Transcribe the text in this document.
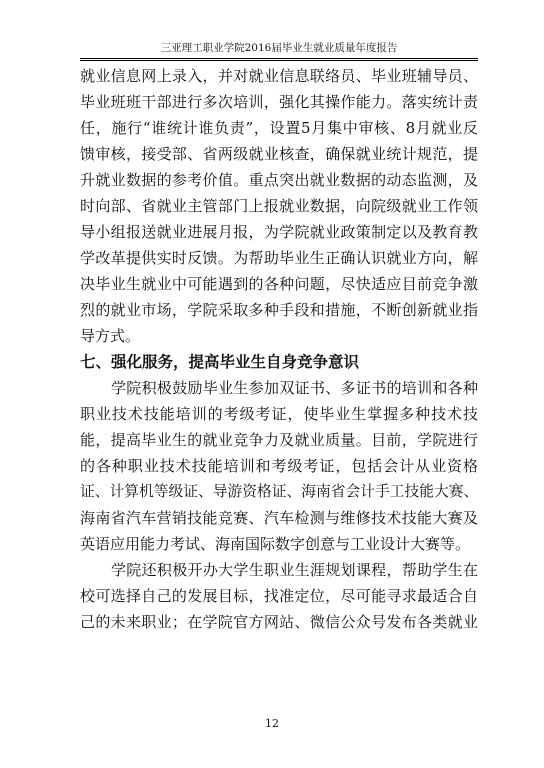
三亚理工职业学院2016届毕业生就业质量年度报告
就业信息网上录入，并对就业信息联络员、毕业班辅导员、
毕业班班干部进行多次培训，强化其操作能力。落实统计责
任，施行“谁统计谁负责”，设置5月集中审核、8月就业反
馈审核，接受部、省两级就业核查，确保就业统计规范，提
升就业数据的参考价值。重点突出就业数据的动态监测，及
时向部、省就业主管部门上报就业数据，向院级就业工作领
导小组报送就业进展月报，为学院就业政策制定以及教育教
学改革提供实时反馈。为帮助毕业生正确认识就业方向，解
决毕业生就业中可能遇到的各种问题，尽快适应目前竞争激
烈的就业市场，学院采取多种手段和措施，不断创新就业指
导方式。
七、强化服务，提高毕业生自身竞争意识
学院积极鼓励毕业生参加双证书、多证书的培训和各种
职业技术技能培训的考级考证，使毕业生掌握多种技术技
能，提高毕业生的就业竞争力及就业质量。目前，学院进行
的各种职业技术技能培训和考级考证，包括会计从业资格
证、计算机等级证、导游资格证、海南省会计手工技能大赛、
海南省汽车营销技能竞赛、汽车检测与维修技术技能大赛及
英语应用能力考试、海南国际数字创意与工业设计大赛等。
学院还积极开办大学生职业生涯规划课程，帮助学生在
校可选择自己的发展目标，找准定位，尽可能寻求最适合自
己的未来职业；在学院官方网站、微信公众号发布各类就业
12
